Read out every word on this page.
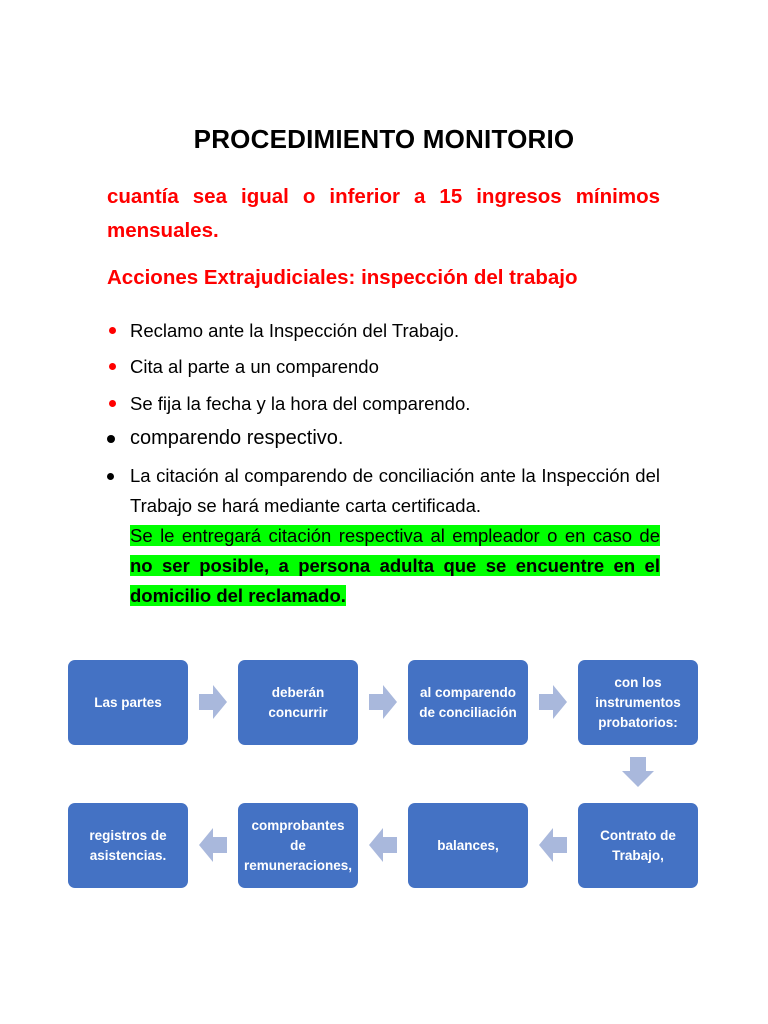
PROCEDIMIENTO MONITORIO
cuantía sea igual o inferior a 15 ingresos mínimos mensuales.
Acciones Extrajudiciales: inspección del trabajo
Reclamo ante la Inspección del Trabajo.
Cita al parte a un comparendo
Se fija la fecha y la hora del comparendo.
comparendo respectivo.
La citación al comparendo de conciliación ante la Inspección del Trabajo se hará mediante carta certificada.
Se le entregará citación respectiva al empleador o en caso de no ser posible, a persona adulta que se encuentre en el domicilio del reclamado.
Las partes
deberán concurrir
al comparendo de conciliación
con los instrumentos probatorios:
Contrato de Trabajo,
balances,
comprobantes de remuneraciones,
registros de asistencias.
